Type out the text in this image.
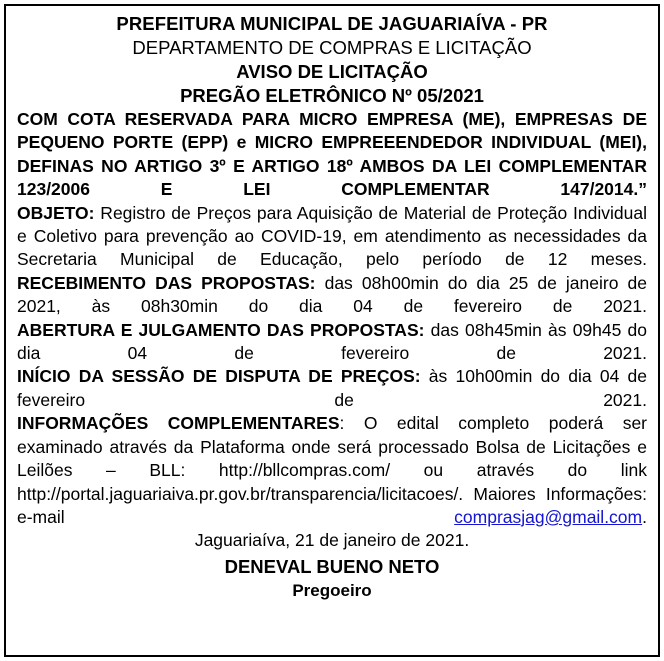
PREFEITURA MUNICIPAL DE JAGUARIAÍVA - PR
DEPARTAMENTO DE COMPRAS E LICITAÇÃO
AVISO DE LICITAÇÃO
PREGÃO ELETRÔNICO Nº 05/2021
COM COTA RESERVADA PARA MICRO EMPRESA (ME), EMPRESAS DE PEQUENO PORTE (EPP) e MICRO EMPREEENDEDOR INDIVIDUAL (MEI), DEFINAS NO ARTIGO 3º E ARTIGO 18º AMBOS DA LEI COMPLEMENTAR 123/2006 E LEI COMPLEMENTAR 147/2014.”
OBJETO: Registro de Preços para Aquisição de Material de Proteção Individual e Coletivo para prevenção ao COVID-19, em atendimento as necessidades da Secretaria Municipal de Educação, pelo período de 12 meses.
RECEBIMENTO DAS PROPOSTAS: das 08h00min do dia 25 de janeiro de 2021, às 08h30min do dia 04 de fevereiro de 2021.
ABERTURA E JULGAMENTO DAS PROPOSTAS: das 08h45min às 09h45 do dia 04 de fevereiro de 2021.
INÍCIO DA SESSÃO DE DISPUTA DE PREÇOS: às 10h00min do dia 04 de fevereiro de 2021.
INFORMAÇÕES COMPLEMENTARES: O edital completo poderá ser examinado através da Plataforma onde será processado Bolsa de Licitações e Leilões – BLL: http://bllcompras.com/ ou através do link http://portal.jaguariaiva.pr.gov.br/transparencia/licitacoes/. Maiores Informações: e-mail comprasjag@gmail.com.
Jaguariaíva, 21 de janeiro de 2021.
DENEVAL BUENO NETO
Pregoeiro
